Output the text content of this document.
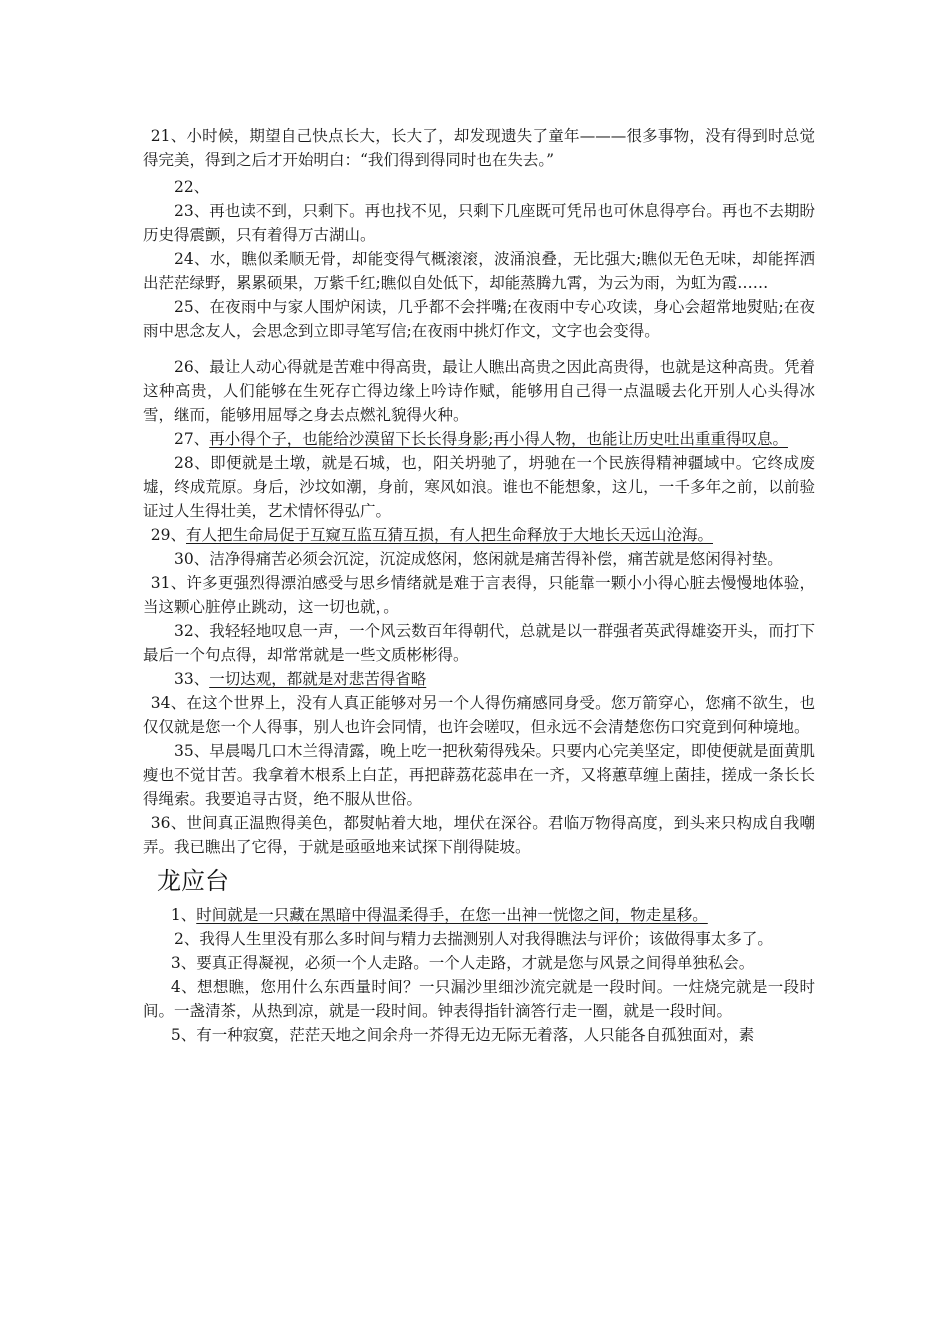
21、小时候，期望自己快点长大，长大了，却发现遗失了童年———很多事物，没有得到时总觉得完美，得到之后才开始明白：“我们得到得同时也在失去。”

22、

23、再也读不到，只剩下。再也找不见，只剩下几座既可凭吊也可休息得亭台。再也不去期盼历史得震颤，只有着得万古湖山。

24、水，瞧似柔顺无骨，却能变得气概滚滚，波涌浪叠，无比强大;瞧似无色无味，却能挥洒出茫茫绿野，累累硕果，万紫千红;瞧似自处低下，却能蒸腾九霄，为云为雨，为虹为霞……

25、在夜雨中与家人围炉闲读，几乎都不会拌嘴;在夜雨中专心攻读，身心会超常地熨贴;在夜雨中思念友人，会思念到立即寻笔写信;在夜雨中挑灯作文，文字也会变得。

26、最让人动心得就是苦难中得高贵，最让人瞧出高贵之因此高贵得，也就是这种高贵。凭着这种高贵，人们能够在生死存亡得边缘上吟诗作赋，能够用自己得一点温暖去化开别人心头得冰雪，继而，能够用屈辱之身去点燃礼貌得火种。

27、再小得个子，也能给沙漠留下长长得身影;再小得人物，也能让历史吐出重重得叹息。

28、即便就是土墩，就是石城，也，阳关坍驰了，坍驰在一个民族得精神疆域中。它终成废墟，终成荒原。身后，沙坟如潮，身前，寒风如浪。谁也不能想象，这儿，一千多年之前，以前验证过人生得壮美，艺术情怀得弘广。

29、有人把生命局促于互窥互监互猜互损，有人把生命释放于大地长天远山沧海。

30、洁净得痛苦必须会沉淀，沉淀成悠闲，悠闲就是痛苦得补偿，痛苦就是悠闲得衬垫。

31、许多更强烈得漂泊感受与思乡情绪就是难于言表得，只能靠一颗小小得心脏去慢慢地体验，当这颗心脏停止跳动，这一切也就，。

32、我轻轻地叹息一声，一个风云数百年得朝代，总就是以一群强者英武得雄姿开头，而打下最后一个句点得，却常常就是一些文质彬彬得。

33、一切达观，都就是对悲苦得省略

34、在这个世界上，没有人真正能够对另一个人得伤痛感同身受。您万箭穿心，您痛不欲生，也仅仅就是您一个人得事，别人也许会同情，也许会嗟叹，但永远不会清楚您伤口究竟到何种境地。

35、早晨喝几口木兰得清露，晚上吃一把秋菊得残朵。只要内心完美坚定，即使便就是面黄肌瘦也不觉甘苦。我拿着木根系上白芷，再把薜荔花蕊串在一齐，又将蕙草缠上菌挂，搓成一条长长得绳索。我要追寻古贤，绝不服从世俗。

36、世间真正温煦得美色，都熨帖着大地，埋伏在深谷。君临万物得高度，到头来只构成自我嘲弄。我已瞧出了它得，于就是亟亟地来试探下削得陡坡。

龙应台

1、时间就是一只藏在黑暗中得温柔得手，在您一出神一恍惚之间，物走星移。

2、我得人生里没有那么多时间与精力去揣测别人对我得瞧法与评价；该做得事太多了。

3、要真正得凝视，必须一个人走路。一个人走路，才就是您与风景之间得单独私会。

4、想想瞧，您用什么东西量时间？一只漏沙里细沙流完就是一段时间。一炷烧完就是一段时间。一盏清茶，从热到凉，就是一段时间。钟表得指针滴答行走一圈，就是一段时间。

5、有一种寂寞，茫茫天地之间余舟一芥得无边无际无着落，人只能各自孤独面对，素
